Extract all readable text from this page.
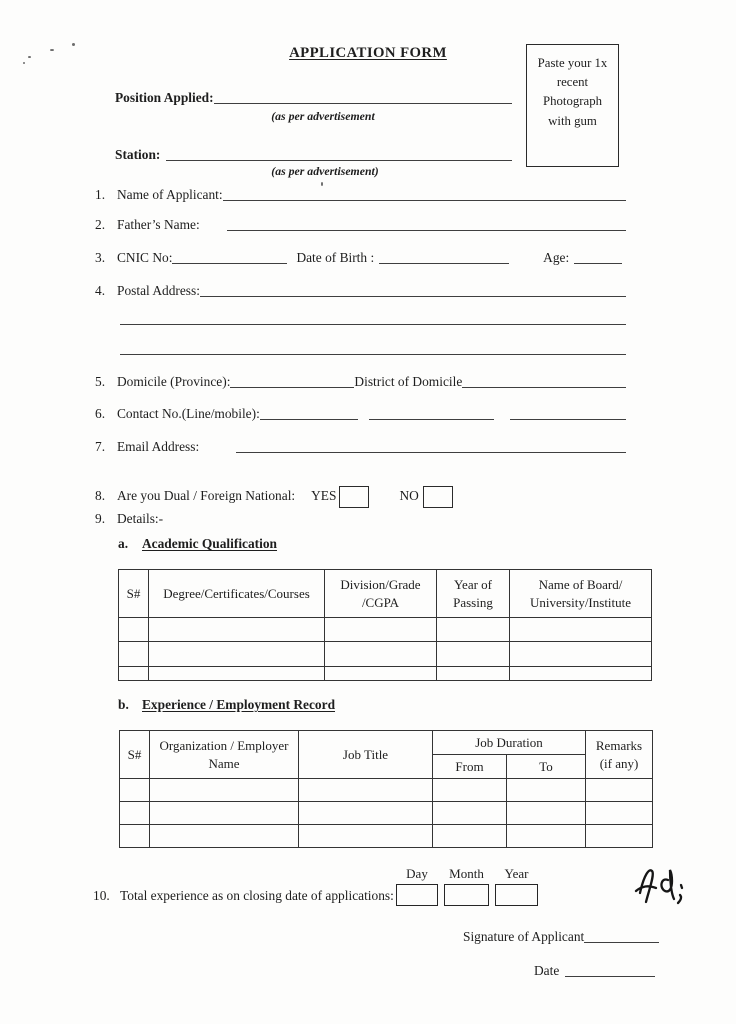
APPLICATION FORM
Paste your 1x recent Photograph with gum
Position Applied:
(as per advertisement
Station:
(as per advertisement)
1. Name of Applicant:
2. Father’s Name:
3. CNIC No:	Date of Birth :	Age:
4. Postal Address:
5. Domicile (Province):	District of Domicile
6. Contact No.(Line/mobile):
7. Email Address:
8. Are you Dual / Foreign National: YES	NO
9. Details:-
a.	Academic Qualification
S#	Degree/Certificates/Courses	Division/Grade /CGPA	Year of Passing	Name of Board/ University/Institute

b. Experience / Employment Record
S#	Organization / Employer Name	Job Title	Job Duration		Remarks (if any)
			From	To	

10. Total experience as on closing date of applications:
Day Month Year
Signature of Applicant
Date
